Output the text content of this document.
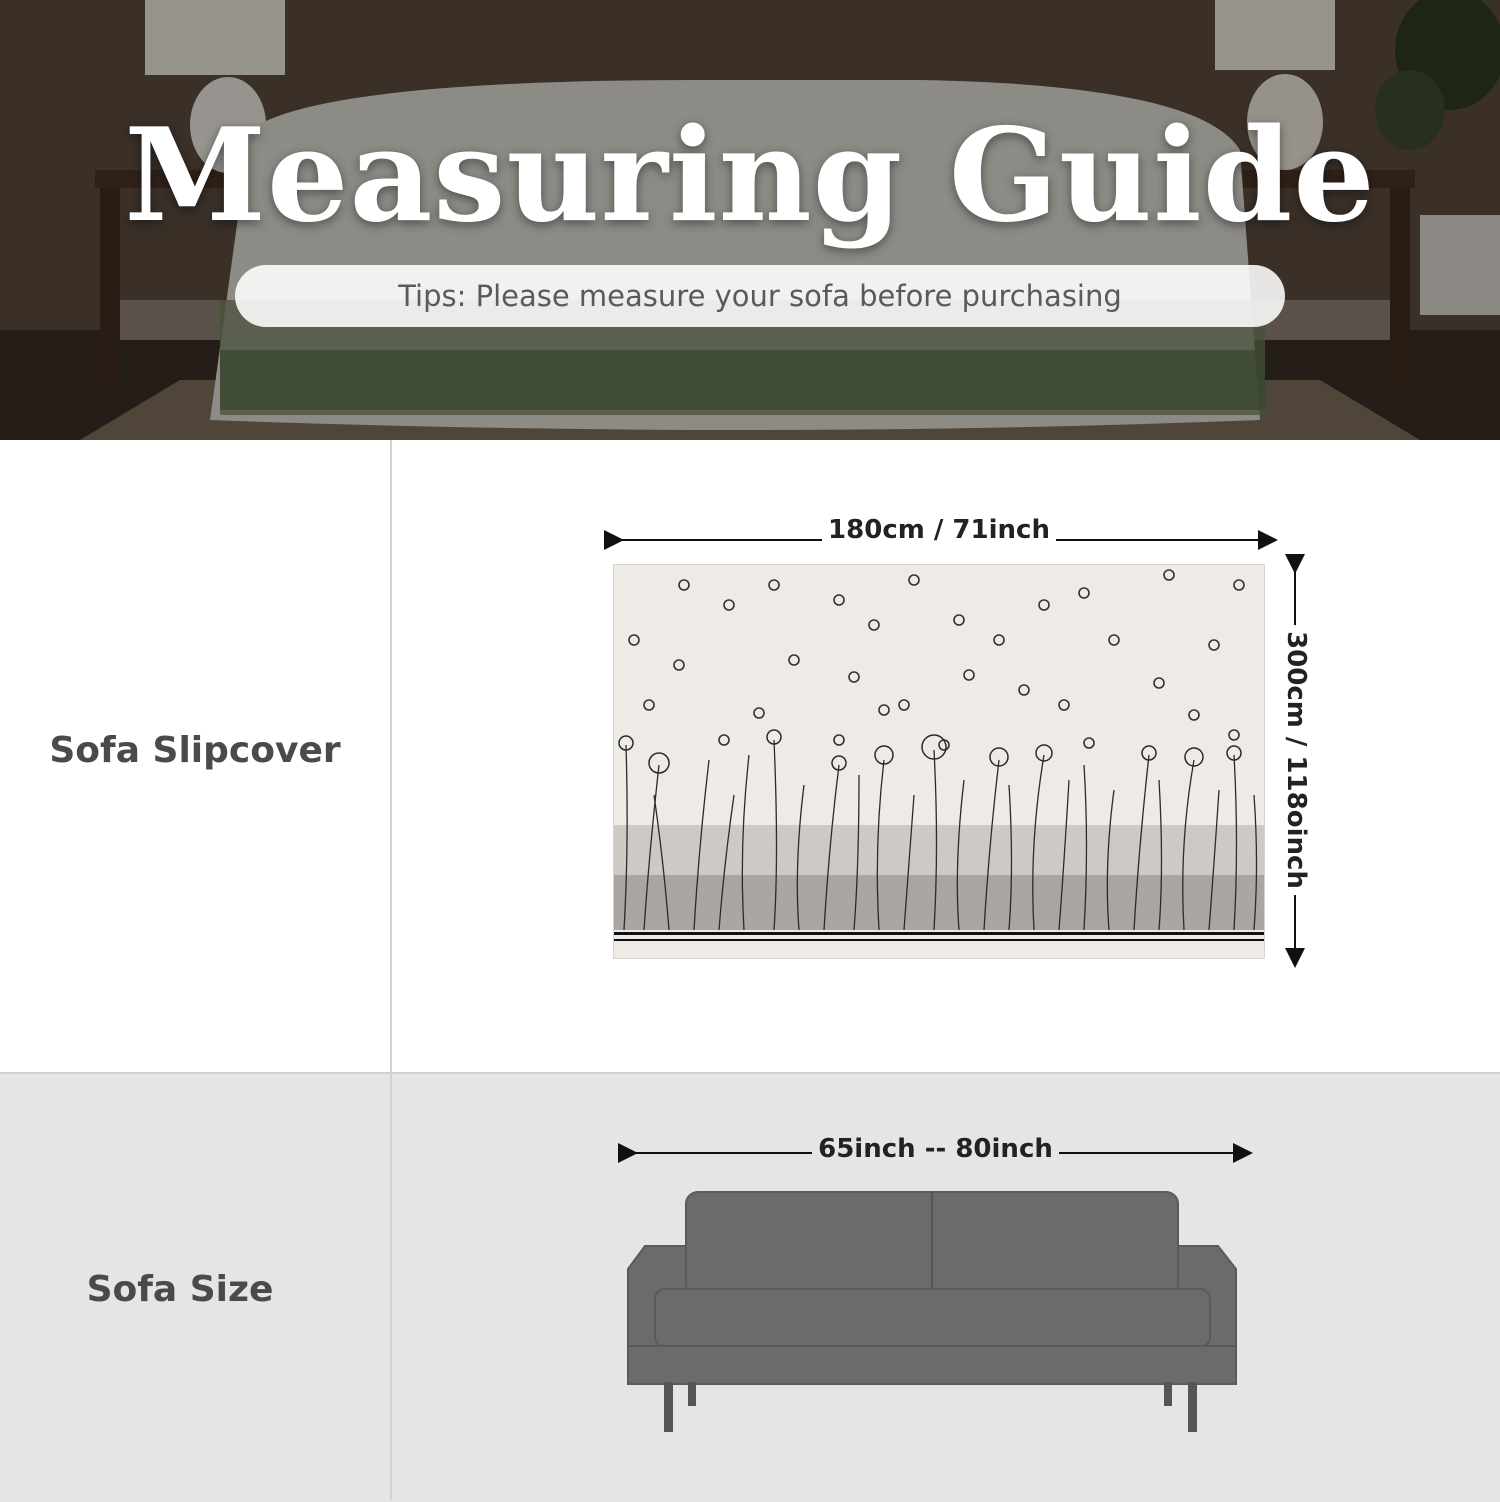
Measuring Guide
Tips: Please measure your sofa before purchasing
Sofa Slipcover
180cm / 71inch
300cm / 118oinch
Sofa Size
65inch -- 80inch
